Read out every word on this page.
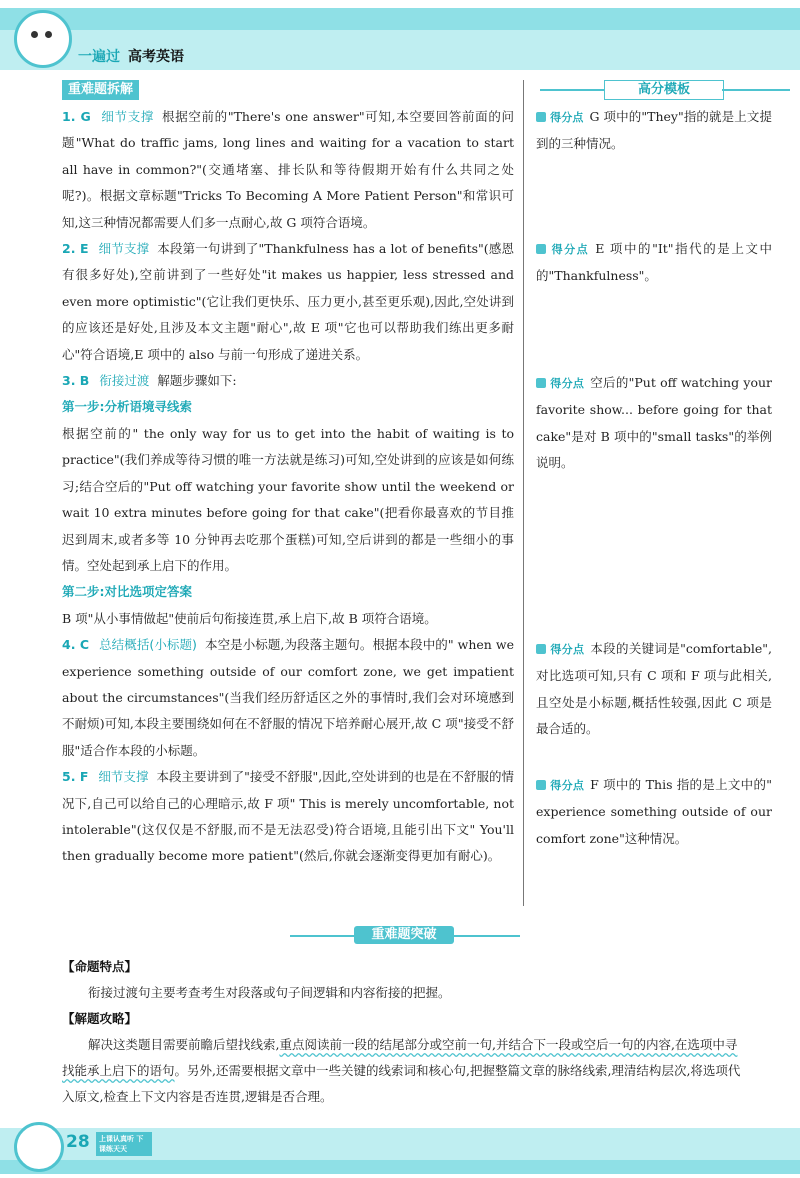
一遍过 高考英语
重难题拆解	高分模板

1. G 细节支撑 根据空前的"There's one answer"可知,本空要回答前面的问题"What do traffic jams, long lines and waiting for a vacation to start all have in common?"(交通堵塞、排长队和等待假期开始有什么共同之处呢?)。根据文章标题"Tricks To Becoming A More Patient Person"和常识可知,这三种情况都需要人们多一点耐心,故 G 项符合语境。

2. E 细节支撑 本段第一句讲到了"Thankfulness has a lot of benefits"(感恩有很多好处),空前讲到了一些好处"it makes us happier, less stressed and even more optimistic"(它让我们更快乐、压力更小,甚至更乐观),因此,空处讲到的应该还是好处,且涉及本文主题"耐心",故 E 项"它也可以帮助我们练出更多耐心"符合语境,E 项中的 also 与前一句形成了递进关系。

3. B 衔接过渡 解题步骤如下:

第一步:分析语境寻线索

根据空前的" the only way for us to get into the habit of waiting is to practice"(我们养成等待习惯的唯一方法就是练习)可知,空处讲到的应该是如何练习;结合空后的"Put off watching your favorite show until the weekend or wait 10 extra minutes before going for that cake"(把看你最喜欢的节目推迟到周末,或者多等 10 分钟再去吃那个蛋糕)可知,空后讲到的都是一些细小的事情。空处起到承上启下的作用。

第二步:对比选项定答案

B 项"从小事情做起"使前后句衔接连贯,承上启下,故 B 项符合语境。

4. C 总结概括(小标题) 本空是小标题,为段落主题句。根据本段中的" when we experience something outside of our comfort zone, we get impatient about the circumstances"(当我们经历舒适区之外的事情时,我们会对环境感到不耐烦)可知,本段主要围绕如何在不舒服的情况下培养耐心展开,故 C 项"接受不舒服"适合作本段的小标题。

5. F 细节支撑 本段主要讲到了"接受不舒服",因此,空处讲到的也是在不舒服的情况下,自己可以给自己的心理暗示,故 F 项" This is merely uncomfortable, not intolerable"(这仅仅是不舒服,而不是无法忍受)符合语境,且能引出下文" You'll then gradually become more patient"(然后,你就会逐渐变得更加有耐心)。

得分点 G 项中的"They"指的就是上文提到的三种情况。

得分点 E 项中的"It"指代的是上文中的"Thankfulness"。

得分点 空后的"Put off watching your favorite show... before going for that cake"是对 B 项中的"small tasks"的举例说明。

得分点 本段的关键词是"comfortable",对比选项可知,只有 C 项和 F 项与此相关,且空处是小标题,概括性较强,因此 C 项是最合适的。

得分点 F 项中的 This 指的是上文中的" experience something outside of our comfort zone"这种情况。

重难题突破

【命题特点】

衔接过渡句主要考查考生对段落或句子间逻辑和内容衔接的把握。

【解题攻略】

解决这类题目需要前瞻后望找线索,重点阅读前一段的结尾部分或空前一句,并结合下一段或空后一句的内容,在选项中寻找能承上启下的语句。另外,还需要根据文章中一些关键的线索词和核心句,把握整篇文章的脉络线索,理清结构层次,将选项代入原文,检查上下文内容是否连贯,逻辑是否合理。

28	上课认真听 下课练天天
